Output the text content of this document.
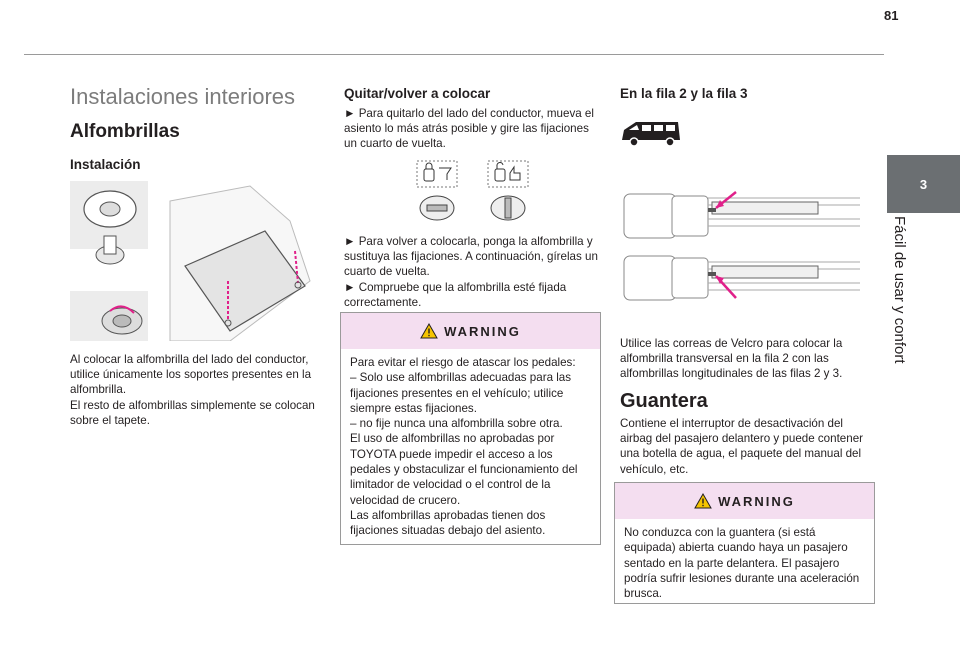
81
3
Fácil de usar y confort
Instalaciones interiores
Alfombrillas
Instalación

Al colocar la alfombrilla del lado del conductor, utilice únicamente los soportes presentes en la alfombrilla.

El resto de alfombrillas simplemente se colocan sobre el tapete.

Quitar/volver a colocar
► Para quitarlo del lado del conductor, mueva el asiento lo más atrás posible y gire las fijaciones un cuarto de vuelta.

► Para volver a colocarla, ponga la alfombrilla y sustituya las fijaciones. A continuación, gírelas un cuarto de vuelta.

► Compruebe que la alfombrilla esté fijada correctamente.

WARNING

Para evitar el riesgo de atascar los pedales:

– Solo use alfombrillas adecuadas para las fijaciones presentes en el vehículo; utilice siempre estas fijaciones.

– no fije nunca una alfombrilla sobre otra.

El uso de alfombrillas no aprobadas por TOYOTA puede impedir el acceso a los pedales y obstaculizar el funcionamiento del limitador de velocidad o el control de la velocidad de crucero.

Las alfombrillas aprobadas tienen dos fijaciones situadas debajo del asiento.

En la fila 2 y la fila 3
Utilice las correas de Velcro para colocar la alfombrilla transversal en la fila 2 con las alfombrillas longitudinales de las filas 2 y 3.
Guantera
Contiene el interruptor de desactivación del airbag del pasajero delantero y puede contener una botella de agua, el paquete del manual del vehículo, etc.
WARNING
No conduzca con la guantera (si está equipada) abierta cuando haya un pasajero sentado en la parte delantera. El pasajero podría sufrir lesiones durante una aceleración brusca.
